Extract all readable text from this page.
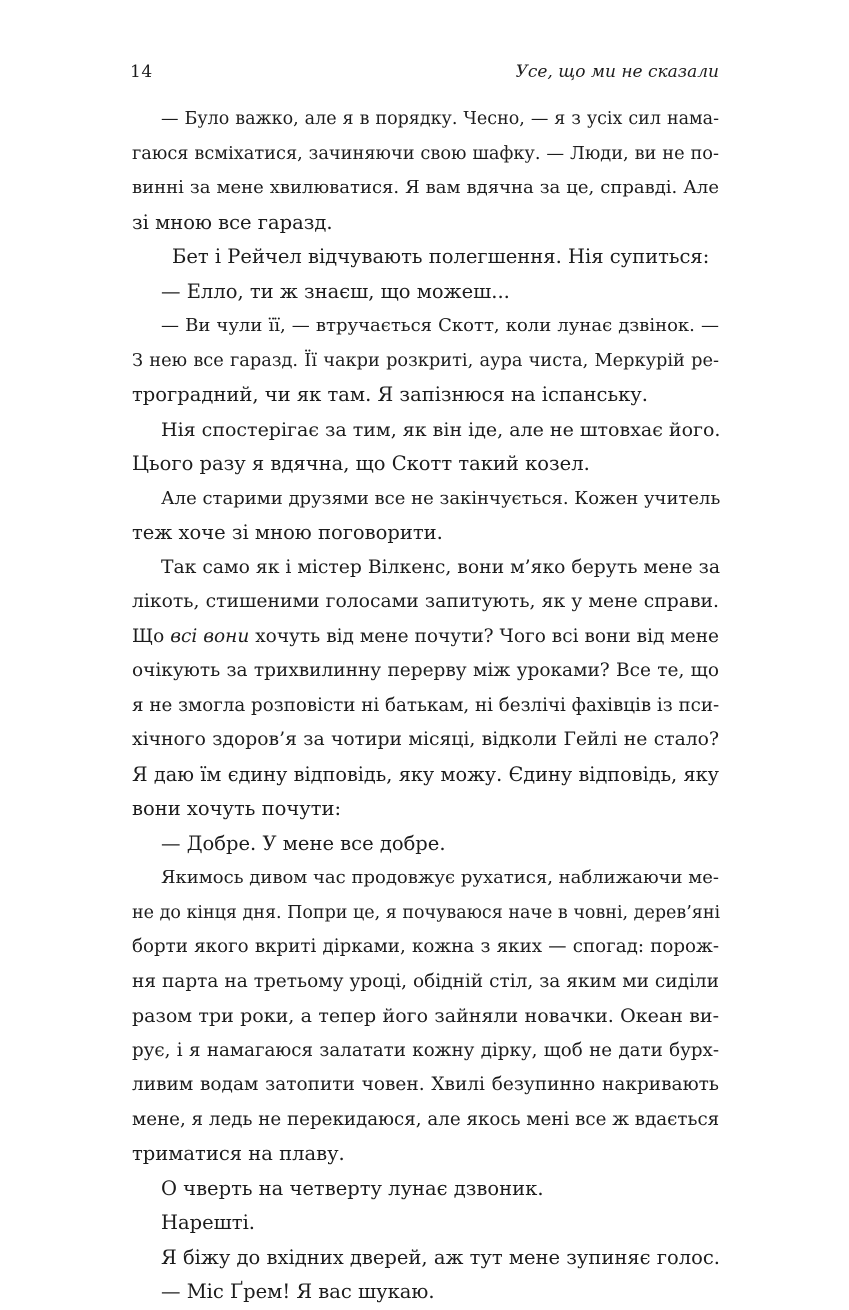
14	Усе, що ми не сказали
— Було важко, але я в порядку. Чесно, — я з усіх сил нама-
гаюся всміхатися, зачиняючи свою шафку. — Люди, ви не по-
винні за мене хвилюватися. Я вам вдячна за це, справді. Але
зі мною все гаразд.
Бет і Рейчел відчувають полегшення. Нія супиться:
— Елло, ти ж знаєш, що можеш...
— Ви чули її, — втручається Скотт, коли лунає дзвінок. —
З нею все гаразд. Її чакри розкриті, аура чиста, Меркурій ре-
троградний, чи як там. Я запізнюся на іспанську.
Нія спостерігає за тим, як він іде, але не штовхає його.
Цього разу я вдячна, що Скотт такий козел.
Але старими друзями все не закінчується. Кожен учитель
теж хоче зі мною поговорити.
Так само як і містер Вілкенс, вони м’яко беруть мене за
лікоть, стишеними голосами запитують, як у мене справи.
Що всі вони хочуть від мене почути? Чого всі вони від мене
очікують за трихвилинну перерву між уроками? Все те, що
я не змогла розповісти ні батькам, ні безлічі фахівців із пси-
хічного здоров’я за чотири місяці, відколи Гейлі не стало?
Я даю їм єдину відповідь, яку можу. Єдину відповідь, яку
вони хочуть почути:
— Добре. У мене все добре.
Якимось дивом час продовжує рухатися, наближаючи ме-
не до кінця дня. Попри це, я почуваюся наче в човні, дерев’яні
борти якого вкриті дірками, кожна з яких — спогад: порож-
ня парта на третьому уроці, обідній стіл, за яким ми сиділи
разом три роки, а тепер його зайняли новачки. Океан ви-
рує, і я намагаюся залатати кожну дірку, щоб не дати бурх-
ливим водам затопити човен. Хвилі безупинно накривають
мене, я ледь не перекидаюся, але якось мені все ж вдається
триматися на плаву.
О чверть на четверту лунає дзвоник.
Нарешті.
Я біжу до вхідних дверей, аж тут мене зупиняє голос.
— Міс Ґрем! Я вас шукаю.
